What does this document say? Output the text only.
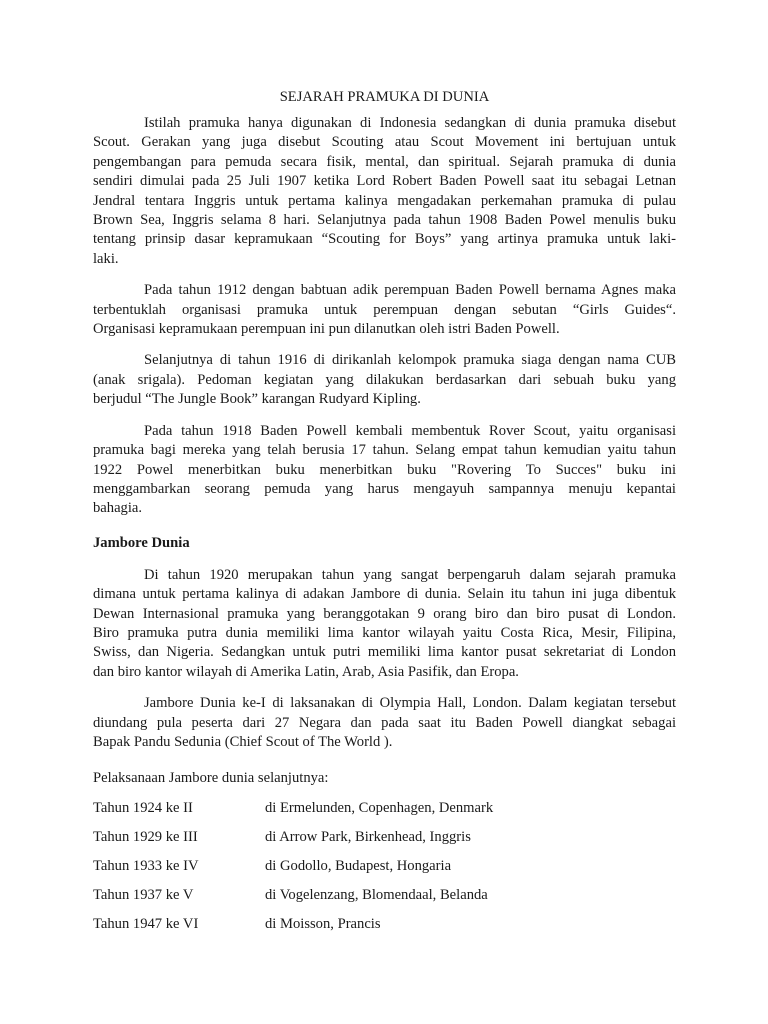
SEJARAH PRAMUKA DI DUNIA
Istilah pramuka hanya digunakan di Indonesia sedangkan di dunia pramuka disebut
Scout. Gerakan yang juga disebut Scouting atau Scout Movement ini bertujuan untuk
pengembangan para pemuda secara fisik, mental, dan spiritual. Sejarah pramuka di dunia
sendiri dimulai pada 25 Juli 1907 ketika Lord Robert Baden Powell saat itu sebagai Letnan
Jendral tentara Inggris untuk pertama kalinya mengadakan perkemahan pramuka di pulau
Brown Sea, Inggris selama 8 hari. Selanjutnya pada tahun 1908 Baden Powel menulis buku
tentang prinsip dasar kepramukaan “Scouting for Boys” yang artinya pramuka untuk laki-
laki.
Pada tahun 1912 dengan babtuan adik perempuan Baden Powell bernama Agnes maka
terbentuklah organisasi pramuka untuk perempuan dengan sebutan “Girls Guides“.
Organisasi kepramukaan perempuan ini pun dilanutkan oleh istri Baden Powell.
Selanjutnya di tahun 1916 di dirikanlah kelompok pramuka siaga dengan nama CUB
(anak srigala). Pedoman kegiatan yang dilakukan berdasarkan dari sebuah buku yang
berjudul “The Jungle Book” karangan Rudyard Kipling.
Pada tahun 1918 Baden Powell kembali membentuk Rover Scout, yaitu organisasi
pramuka bagi mereka yang telah berusia 17 tahun. Selang empat tahun kemudian yaitu tahun
1922 Powel menerbitkan buku menerbitkan buku "Rovering To Succes" buku ini
menggambarkan seorang pemuda yang harus mengayuh sampannya menuju kepantai
bahagia.
Jambore Dunia
Di tahun 1920 merupakan tahun yang sangat berpengaruh dalam sejarah pramuka
dimana untuk pertama kalinya di adakan Jambore di dunia. Selain itu tahun ini juga dibentuk
Dewan Internasional pramuka yang beranggotakan 9 orang biro dan biro pusat di London.
Biro pramuka putra dunia memiliki lima kantor wilayah yaitu Costa Rica, Mesir, Filipina,
Swiss, dan Nigeria. Sedangkan untuk putri memiliki lima kantor pusat sekretariat di London
dan biro kantor wilayah di Amerika Latin, Arab, Asia Pasifik, dan Eropa.
Jambore Dunia ke-I di laksanakan di Olympia Hall, London. Dalam kegiatan tersebut
diundang pula peserta dari 27 Negara dan pada saat itu Baden Powell diangkat sebagai
Bapak Pandu Sedunia (Chief Scout of The World ).
Pelaksanaan Jambore dunia selanjutnya:
Tahun 1924 ke II	di Ermelunden, Copenhagen, Denmark
Tahun 1929 ke III	di Arrow Park, Birkenhead, Inggris
Tahun 1933 ke IV	di Godollo, Budapest, Hongaria
Tahun 1937 ke V	di Vogelenzang, Blomendaal, Belanda
Tahun 1947 ke VI	di Moisson, Prancis
